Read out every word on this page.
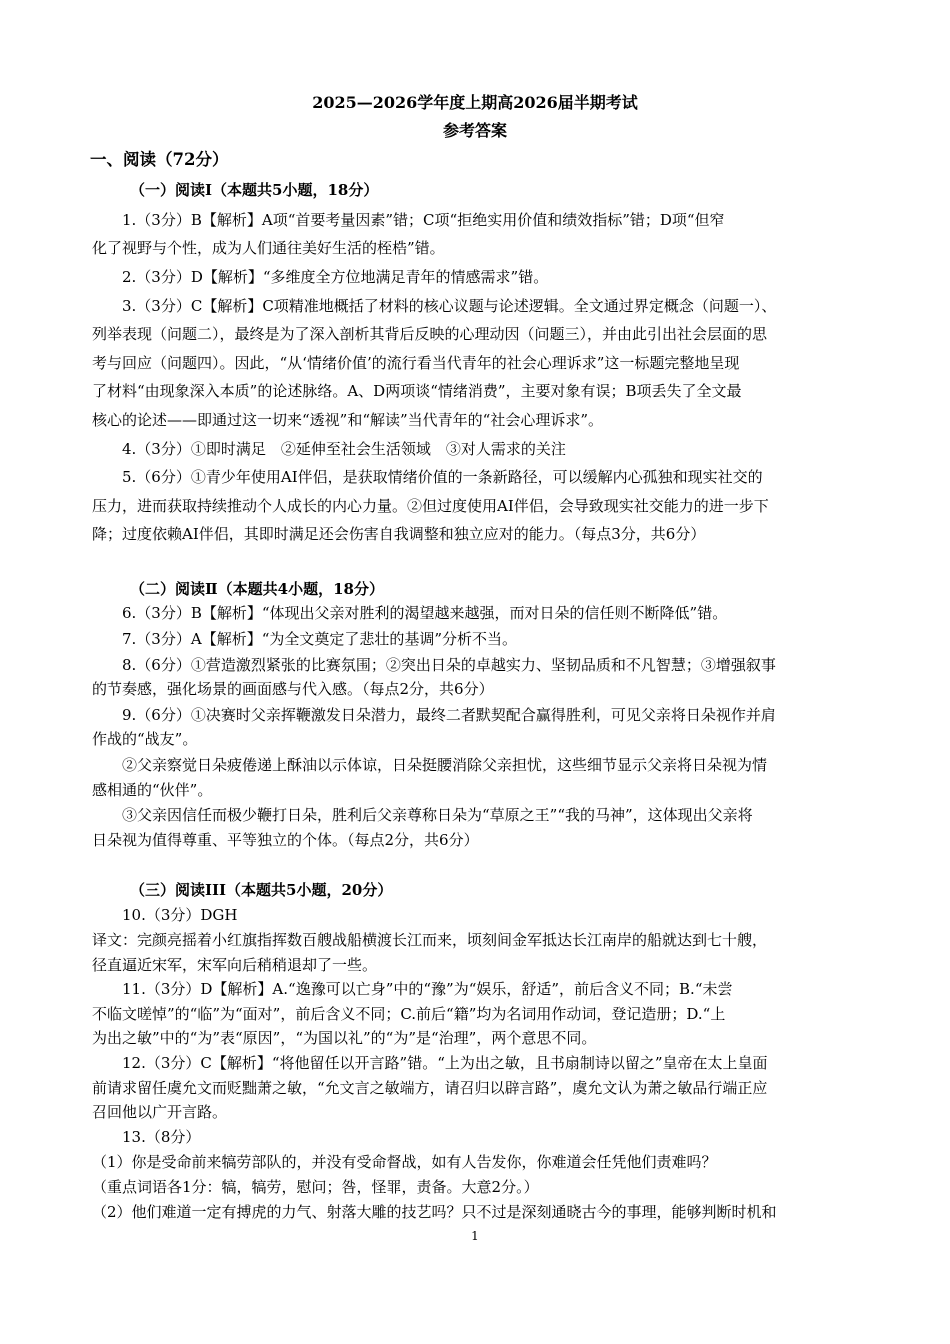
2025—2026学年度上期高2026届半期考试
参考答案
一、阅读（72分）
（一）阅读Ⅰ（本题共5小题，18分）
1.（3分）B【解析】A项“首要考量因素”错；C项“拒绝实用价值和绩效指标”错；D项“但窄
化了视野与个性，成为人们通往美好生活的桎梏”错。
2.（3分）D【解析】“多维度全方位地满足青年的情感需求”错。
3.（3分）C【解析】C项精准地概括了材料的核心议题与论述逻辑。全文通过界定概念（问题一）、
列举表现（问题二），最终是为了深入剖析其背后反映的心理动因（问题三），并由此引出社会层面的思
考与回应（问题四）。因此，“从‘情绪价值’的流行看当代青年的社会心理诉求”这一标题完整地呈现
了材料“由现象深入本质”的论述脉络。A、D两项谈“情绪消费”，主要对象有误；B项丢失了全文最
核心的论述——即通过这一切来“透视”和“解读”当代青年的“社会心理诉求”。
4.（3分）①即时满足　②延伸至社会生活领域　③对人需求的关注
5.（6分）①青少年使用AI伴侣，是获取情绪价值的一条新路径，可以缓解内心孤独和现实社交的
压力，进而获取持续推动个人成长的内心力量。②但过度使用AI伴侣，会导致现实社交能力的进一步下
降；过度依赖AI伴侣，其即时满足还会伤害自我调整和独立应对的能力。（每点3分，共6分）
（二）阅读Ⅱ（本题共4小题，18分）
6.（3分）B【解析】“体现出父亲对胜利的渴望越来越强，而对日朵的信任则不断降低”错。
7.（3分）A【解析】“为全文奠定了悲壮的基调”分析不当。
8.（6分）①营造激烈紧张的比赛氛围；②突出日朵的卓越实力、坚韧品质和不凡智慧；③增强叙事
的节奏感，强化场景的画面感与代入感。（每点2分，共6分）
9.（6分）①决赛时父亲挥鞭激发日朵潜力，最终二者默契配合赢得胜利，可见父亲将日朵视作并肩
作战的“战友”。
②父亲察觉日朵疲倦递上酥油以示体谅，日朵挺腰消除父亲担忧，这些细节显示父亲将日朵视为情
感相通的“伙伴”。
③父亲因信任而极少鞭打日朵，胜利后父亲尊称日朵为“草原之王”“我的马神”，这体现出父亲将
日朵视为值得尊重、平等独立的个体。（每点2分，共6分）
（三）阅读III（本题共5小题，20分）
10.（3分）DGH
译文：完颜亮摇着小红旗指挥数百艘战船横渡长江而来，顷刻间金军抵达长江南岸的船就达到七十艘，
径直逼近宋军，宋军向后稍稍退却了一些。
11.（3分）D【解析】A.“逸豫可以亡身”中的“豫”为“娱乐，舒适”，前后含义不同；B.“未尝
不临文嗟悼”的“临”为“面对”，前后含义不同；C.前后“籍”均为名词用作动词，登记造册；D.“上
为出之敏”中的“为”表“原因”，“为国以礼”的“为”是“治理”，两个意思不同。
12.（3分）C【解析】“将他留任以开言路”错。“上为出之敏，且书扇制诗以留之”皇帝在太上皇面
前请求留任虞允文而贬黜萧之敏，“允文言之敏端方，请召归以辟言路”，虞允文认为萧之敏品行端正应
召回他以广开言路。
13.（8分）
（1）你是受命前来犒劳部队的，并没有受命督战，如有人告发你，你难道会任凭他们责难吗？
（重点词语各1分：犒，犒劳，慰问；咎，怪罪，责备。大意2分。）
（2）他们难道一定有搏虎的力气、射落大雕的技艺吗？只不过是深刻通晓古今的事理，能够判断时机和
1
